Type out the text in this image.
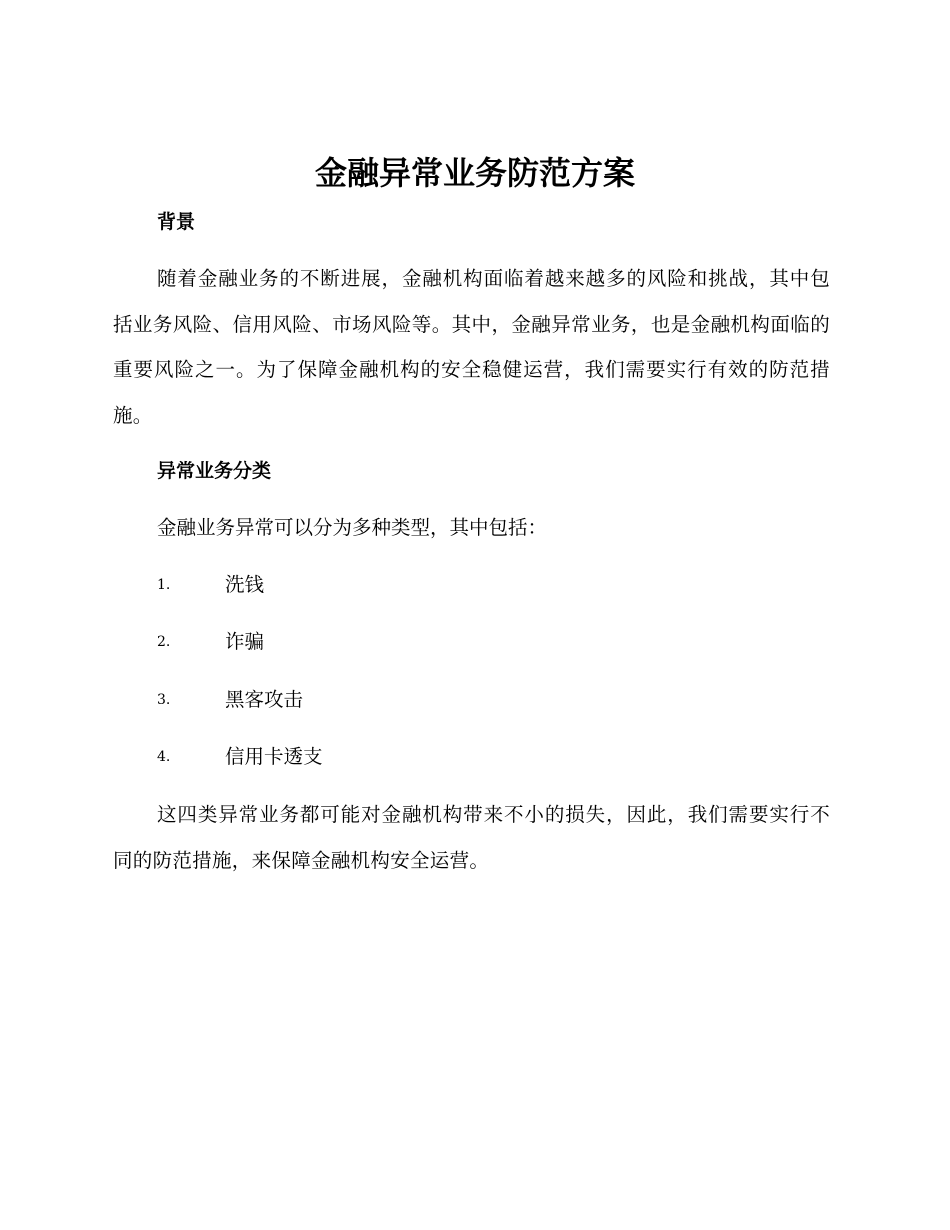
金融异常业务防范方案
背景
随着金融业务的不断进展，金融机构面临着越来越多的风险和挑战，其中包括业务风险、信用风险、市场风险等。其中，金融异常业务，也是金融机构面临的重要风险之一。为了保障金融机构的安全稳健运营，我们需要实行有效的防范措施。
异常业务分类
金融业务异常可以分为多种类型，其中包括：
1.	洗钱
2.	诈骗
3.	黑客攻击
4.	信用卡透支
这四类异常业务都可能对金融机构带来不小的损失，因此，我们需要实行不同的防范措施，来保障金融机构安全运营。
